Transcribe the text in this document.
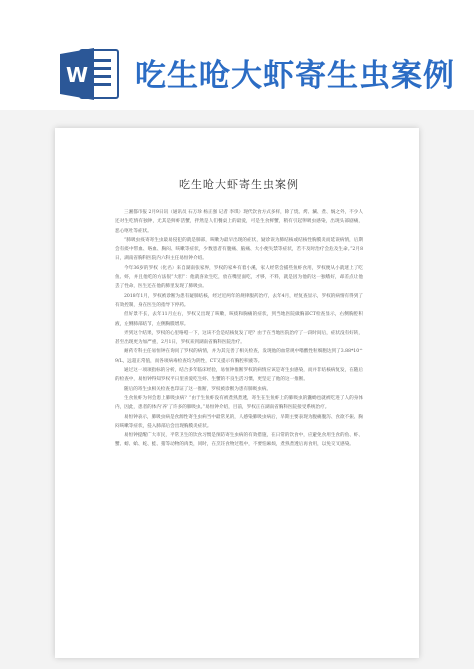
W 吃生呛大虾寄生虫案例
吃生呛大虾寄生虫案例

三湘都市报 2月9日讯（通讯员 石万珍 杨正强 记者 李琪）现代饮食方式多样，除了烧、烤、涮、煮、焖之外，不少人还对生吃情有独钟，尤其是鲜虾活蟹，拌然是人们餐桌上的最爱，可是生食鲜蟹，稍有引起卵吸虫感染，出现头部剧痛，恶心呕吐等症状。

“肺吸虫疫寄寄生虫最易侵犯的就是肺部，咳嗽为最早出现的症状，疑诊误为肺结核或结核性胸膜炎而延误病情，后期会有痰中带血、咯血、胸闷、咳嗽等症状，少数患者有腹痛、脑痛、大小便失禁等症状，若不及时治疗会危及生命。”2月8日，湖南省胸科医院内六科主任易恒钟介绍。

今年36岁的罗权（化名）来自湖南张家界，罗权的家乡有着小溪，家人经常会捕些鱼虾食用，罗权便从小就迷上了吃鱼、虾，并且他吃的方法很“大胆”：他就喜欢生吃，放在嘴里面吃，才够，不料，就是因为他的这一独嗜好，却差点让他丢了性命，医生还在他的肺里发现了肺吸虫。

2018年1月，罗权被诊断为患有疑肺结核，经过近两年的规律服药治疗，去年4月，经复查显示，罗权的病情有得到了有效控制，身在医生的指导下停药。

但好景不长，去年11月左右，罗权又出现了咳嗽，咳痰和胸痛的症状，到当地医院做胸部CT检查显示，右侧胸腔积液，左侧肺部结节，左侧胸膜增厚。

弄到这个结果，罗权的心里咯噔一下，这该不会是结核复发了吧？由于在当地医院治疗了一段时间后，症状没有好转，甚至出现更为加严重，2月1日，罗权来到湖南省胸科医院治疗。

耐药专科主任易恒钟在询问了罗权的病情，并为其完善了相关检查，发现他的血常规中嗜酸性粒细胞达到了3.88*10^9/L，远超正常值，而各项病毒检查均为阴性，CT又提示有胸腔积液等。

通过这一项项指标的分析，结合多年临床经验，易恒钟推断罗权的病情应该是寄生虫感染，而并非结核病复发，在随后的检查中，易恒钟得知罗权平日里喜爱吃生虾、生蟹的不良生活习惯，更坚定了他的这一推断。

随后的寄生虫相关检查也印证了这一推断，罗权被诊断为患有肺吸虫病。

生食鱼虾为何会患上肺吸虫病？“由于生鱼虾没有被煮熟煮透，寄生在生鱼虾上的肺吸虫的囊蚴也就被吃进了人的身体内，因此，患者的体内‘养’了许多的肺吸虫。”易恒钟介绍，目前，罗权正在湖南省胸科医院接受系统治疗。

易恒钟表示，肺吸虫病是食源性寄生虫病当中最常见的，人感染肺吸虫病后，早期主要表现为腹痛腹泻、食欲不振、胸闷咳嗽等症状，侵入肺部后会出现胸膜炎症状。

易恒钟提醒广大市民，平常卫生的饮食习惯是预防寄生虫病的有效措施，在日常的饮食中，应避免食用生食的鱼、虾、蟹、螃、蛤、蛇、蛙、猪等动物的肉类，同时，在烹饪食物过程中，不要怕麻烦，煮熟煮透后再食用，以免交叉感染。
